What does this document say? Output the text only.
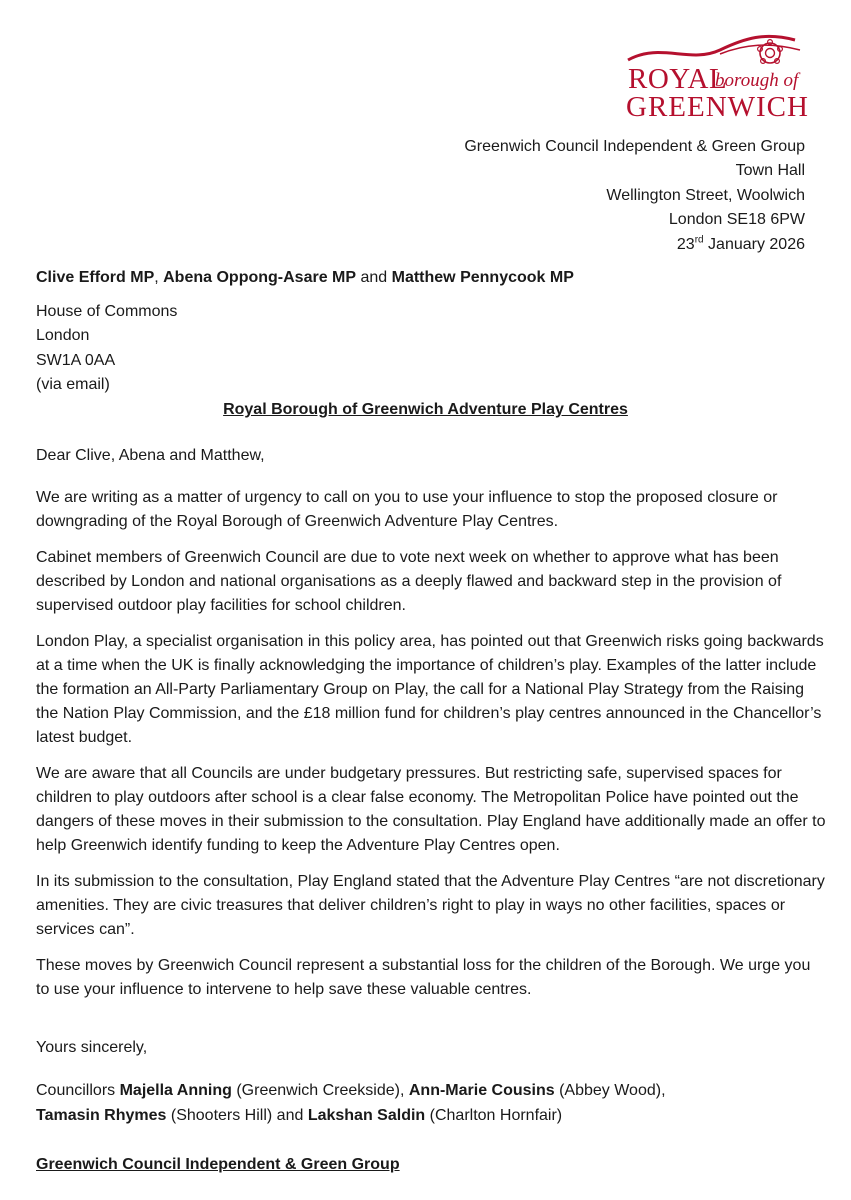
ROYAL
borough of
GREENWICH
Greenwich Council Independent & Green Group
Town Hall
Wellington Street, Woolwich
London SE18 6PW
23rd January 2026
Clive Efford MP, Abena Oppong-Asare MP and Matthew Pennycook MP
House of Commons
London
SW1A 0AA
(via email)
Royal Borough of Greenwich Adventure Play Centres
Dear Clive, Abena and Matthew,

We are writing as a matter of urgency to call on you to use your influence to stop the proposed closure or downgrading of the Royal Borough of Greenwich Adventure Play Centres.

Cabinet members of Greenwich Council are due to vote next week on whether to approve what has been described by London and national organisations as a deeply flawed and backward step in the provision of supervised outdoor play facilities for school children.

London Play, a specialist organisation in this policy area, has pointed out that Greenwich risks going backwards at a time when the UK is finally acknowledging the importance of children’s play. Examples of the latter include the formation an All-Party Parliamentary Group on Play, the call for a National Play Strategy from the Raising the Nation Play Commission, and the £18 million fund for children’s play centres announced in the Chancellor’s latest budget.

We are aware that all Councils are under budgetary pressures. But restricting safe, supervised spaces for children to play outdoors after school is a clear false economy. The Metropolitan Police have pointed out the dangers of these moves in their submission to the consultation. Play England have additionally made an offer to help Greenwich identify funding to keep the Adventure Play Centres open.

In its submission to the consultation, Play England stated that the Adventure Play Centres “are not discretionary amenities. They are civic treasures that deliver children’s right to play in ways no other facilities, spaces or services can”.

These moves by Greenwich Council represent a substantial loss for the children of the Borough. We urge you to use your influence to intervene to help save these valuable centres.

Yours sincerely,
Councillors Majella Anning (Greenwich Creekside), Ann-Marie Cousins (Abbey Wood),
Tamasin Rhymes (Shooters Hill) and Lakshan Saldin (Charlton Hornfair)
Greenwich Council Independent & Green Group
